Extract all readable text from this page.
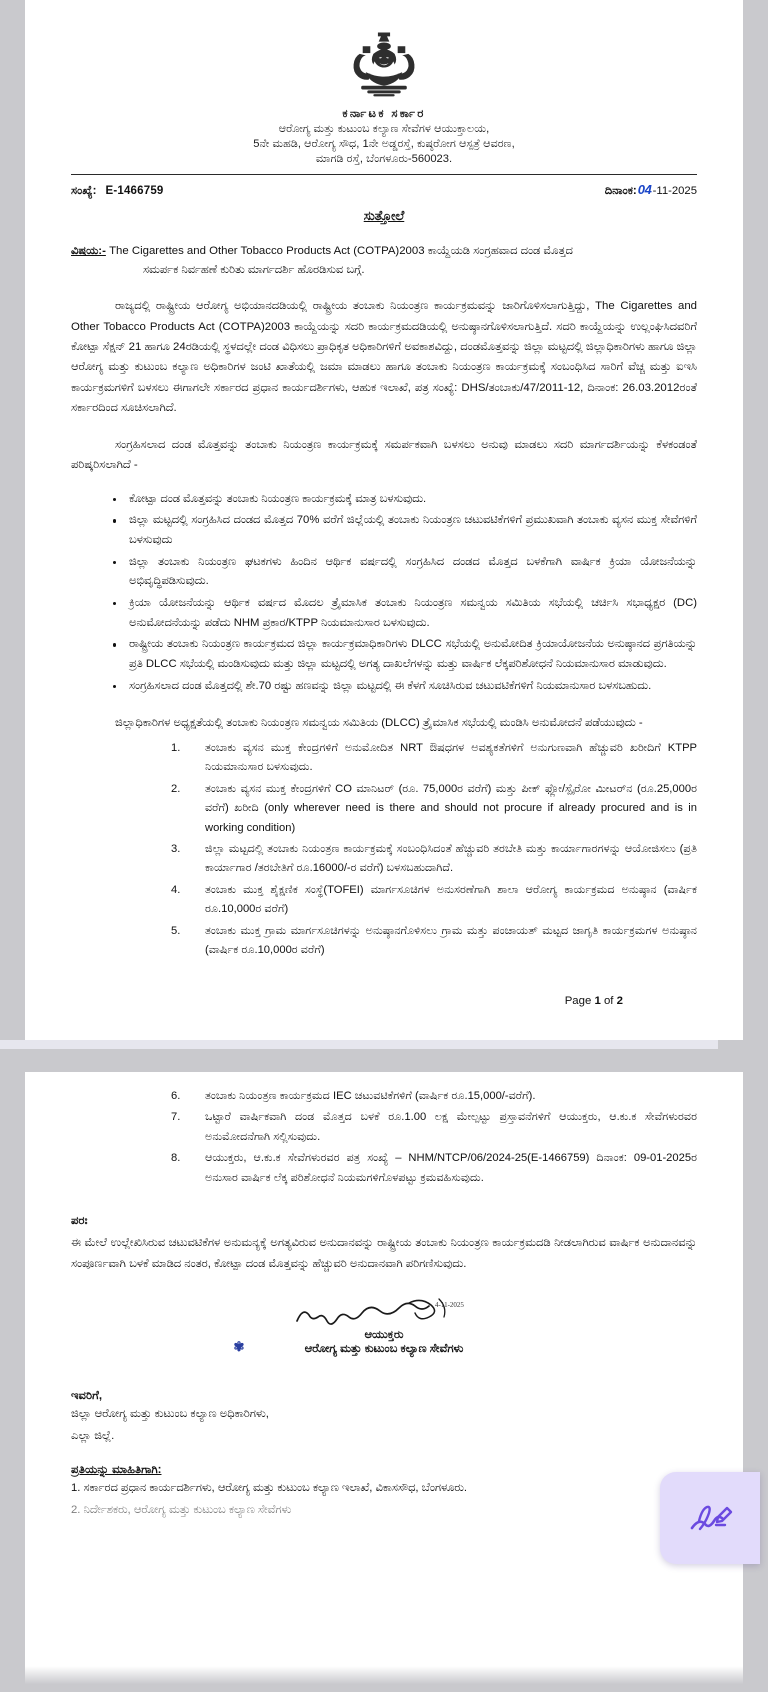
ಕರ್ನಾಟಕ ಸರ್ಕಾರ
ಆರೋಗ್ಯ ಮತ್ತು ಕುಟುಂಬ ಕಲ್ಯಾಣ ಸೇವೆಗಳ ಆಯುಕ್ತಾಲಯ,
5ನೇ ಮಹಡಿ, ಆರೋಗ್ಯ ಸೌಧ, 1ನೇ ಅಡ್ಡರಸ್ತೆ, ಕುಷ್ಠರೋಗ ಆಸ್ಪತ್ರೆ ಆವರಣ,
ಮಾಗಡಿ ರಸ್ತೆ, ಬೆಂಗಳೂರು-560023.
ಸಂಖ್ಯೆ: E-1466759	ದಿನಾಂಕ:04-11-2025
ಸುತ್ತೋಲೆ
ವಿಷಯ:- The Cigarettes and Other Tobacco Products Act (COTPA)2003 ಕಾಯ್ದೆಯಡಿ ಸಂಗ್ರಹವಾದ ದಂಡ ಮೊತ್ತದ
ಸಮರ್ಪಕ ನಿರ್ವಹಣೆ ಕುರಿತು ಮಾರ್ಗದರ್ಶಿ ಹೊರಡಿಸುವ ಬಗ್ಗೆ.

ರಾಜ್ಯದಲ್ಲಿ ರಾಷ್ಟ್ರೀಯ ಆರೋಗ್ಯ ಅಭಿಯಾನದಡಿಯಲ್ಲಿ ರಾಷ್ಟ್ರೀಯ ತಂಬಾಕು ನಿಯಂತ್ರಣ ಕಾರ್ಯಕ್ರಮವನ್ನು ಜಾರಿಗೊಳಿಸಲಾಗುತ್ತಿದ್ದು, The Cigarettes and Other Tobacco Products Act (COTPA)2003 ಕಾಯ್ದೆಯನ್ನು ಸದರಿ ಕಾರ್ಯಕ್ರಮದಡಿಯಲ್ಲಿ ಅನುಷ್ಠಾನಗೊಳಿಸಲಾಗುತ್ತಿದೆ. ಸದರಿ ಕಾಯ್ದೆಯನ್ನು ಉಲ್ಲಂಘಿಸಿದವರಿಗೆ ಕೋಟ್ಪಾ ಸೆಕ್ಷನ್ 21 ಹಾಗೂ 24ರಡಿಯಲ್ಲಿ ಸ್ಥಳದಲ್ಲೇ ದಂಡ ವಿಧಿಸಲು ಪ್ರಾಧಿಕೃತ ಅಧಿಕಾರಿಗಳಿಗೆ ಅವಕಾಶವಿದ್ದು, ದಂಡಮೊತ್ತವನ್ನು ಜಿಲ್ಲಾ ಮಟ್ಟದಲ್ಲಿ ಜಿಲ್ಲಾಧಿಕಾರಿಗಳು ಹಾಗೂ ಜಿಲ್ಲಾ ಆರೋಗ್ಯ ಮತ್ತು ಕುಟುಂಬ ಕಲ್ಯಾಣ ಅಧಿಕಾರಿಗಳ ಜಂಟಿ ಖಾತೆಯಲ್ಲಿ ಜಮಾ ಮಾಡಲು ಹಾಗೂ ತಂಬಾಕು ನಿಯಂತ್ರಣ ಕಾರ್ಯಕ್ರಮಕ್ಕೆ ಸಂಬಂಧಿಸಿದ ಸಾರಿಗೆ ವೆಚ್ಚ ಮತ್ತು ಐಇಸಿ ಕಾರ್ಯಕ್ರಮಗಳಿಗೆ ಬಳಸಲು ಈಗಾಗಲೇ ಸರ್ಕಾರದ ಪ್ರಧಾನ ಕಾರ್ಯದರ್ಶಿಗಳು, ಆಹುಕ ಇಲಾಖೆ, ಪತ್ರ ಸಂಖ್ಯೆ: DHS/ತಂಬಾಕು/47/2011-12, ದಿನಾಂಕ: 26.03.2012ರಂತೆ ಸರ್ಕಾರದಿಂದ ಸೂಚಿಸಲಾಗಿದೆ.

ಸಂಗ್ರಹಿಸಲಾದ ದಂಡ ಮೊತ್ತವನ್ನು ತಂಬಾಕು ನಿಯಂತ್ರಣ ಕಾರ್ಯಕ್ರಮಕ್ಕೆ ಸಮರ್ಪಕವಾಗಿ ಬಳಸಲು ಅನುವು ಮಾಡಲು ಸದರಿ ಮಾರ್ಗದರ್ಶಿಯನ್ನು ಕೆಳಕಂಡಂತೆ ಪರಿಷ್ಕರಿಸಲಾಗಿದೆ -

ಕೋಟ್ಪಾ ದಂಡ ಮೊತ್ತವನ್ನು ತಂಬಾಕು ನಿಯಂತ್ರಣ ಕಾರ್ಯಕ್ರಮಕ್ಕೆ ಮಾತ್ರ ಬಳಸುವುದು.
ಜಿಲ್ಲಾ ಮಟ್ಟದಲ್ಲಿ ಸಂಗ್ರಹಿಸಿದ ದಂಡದ ಮೊತ್ತದ 70% ವರೆಗೆ ಜಿಲ್ಲೆಯಲ್ಲಿ ತಂಬಾಕು ನಿಯಂತ್ರಣ ಚಟುವಟಿಕೆಗಳಿಗೆ ಪ್ರಮುಖವಾಗಿ ತಂಬಾಕು ವ್ಯಸನ ಮುಕ್ತ ಸೇವೆಗಳಿಗೆ ಬಳಸುವುದು
ಜಿಲ್ಲಾ ತಂಬಾಕು ನಿಯಂತ್ರಣ ಘಟಕಗಳು ಹಿಂದಿನ ಆರ್ಥಿಕ ವರ್ಷದಲ್ಲಿ ಸಂಗ್ರಹಿಸಿದ ದಂಡದ ಮೊತ್ತದ ಬಳಕೆಗಾಗಿ ವಾರ್ಷಿಕ ಕ್ರಿಯಾ ಯೋಜನೆಯನ್ನು ಅಭಿವೃದ್ಧಿಪಡಿಸುವುದು.
ಕ್ರಿಯಾ ಯೋಜನೆಯನ್ನು ಆರ್ಥಿಕ ವರ್ಷದ ಮೊದಲ ತ್ರೈಮಾಸಿಕ ತಂಬಾಕು ನಿಯಂತ್ರಣ ಸಮನ್ವಯ ಸಮಿತಿಯ ಸಭೆಯಲ್ಲಿ ಚರ್ಚಿಸಿ ಸಭಾಧ್ಯಕ್ಷರ (DC) ಅನುಮೋದನೆಯನ್ನು ಪಡೆದು NHM ಪ್ರಕಾರ/KTPP ನಿಯಮಾನುಸಾರ ಬಳಸುವುದು.
ರಾಷ್ಟ್ರೀಯ ತಂಬಾಕು ನಿಯಂತ್ರಣ ಕಾರ್ಯಕ್ರಮದ ಜಿಲ್ಲಾ ಕಾರ್ಯಕ್ರಮಾಧಿಕಾರಿಗಳು DLCC ಸಭೆಯಲ್ಲಿ ಅನುಮೋದಿತ ಕ್ರಿಯಾಯೋಜನೆಯ ಅನುಷ್ಠಾನದ ಪ್ರಗತಿಯನ್ನು ಪ್ರತಿ DLCC ಸಭೆಯಲ್ಲಿ ಮಂಡಿಸುವುದು ಮತ್ತು ಜಿಲ್ಲಾ ಮಟ್ಟದಲ್ಲಿ ಅಗತ್ಯ ದಾಖಲೆಗಳನ್ನು ಮತ್ತು ವಾರ್ಷಿಕ ಲೆಕ್ಕಪರಿಶೋಧನೆ ನಿಯಮಾನುಸಾರ ಮಾಡುವುದು.
ಸಂಗ್ರಹಿಸಲಾದ ದಂಡ ಮೊತ್ತದಲ್ಲಿ ಶೇ.70 ರಷ್ಟು ಹಣವನ್ನು ಜಿಲ್ಲಾ ಮಟ್ಟದಲ್ಲಿ ಈ ಕೆಳಗೆ ಸೂಚಿಸಿರುವ ಚಟುವಟಿಕೆಗಳಿಗೆ ನಿಯಮಾನುಸಾರ ಬಳಸಬಹುದು.

ಜಿಲ್ಲಾಧಿಕಾರಿಗಳ ಅಧ್ಯಕ್ಷತೆಯಲ್ಲಿ ತಂಬಾಕು ನಿಯಂತ್ರಣ ಸಮನ್ವಯ ಸಮಿತಿಯ (DLCC) ತ್ರೈಮಾಸಿಕ ಸಭೆಯಲ್ಲಿ ಮಂಡಿಸಿ ಅನುಮೋದನೆ ಪಡೆಯುವುದು -

ತಂಬಾಕು ವ್ಯಸನ ಮುಕ್ತ ಕೇಂದ್ರಗಳಿಗೆ ಅನುಮೋದಿತ NRT ಔಷಧಗಳ ಅವಶ್ಯಕತೆಗಳಿಗೆ ಅನುಗುಣವಾಗಿ ಹೆಚ್ಚುವರಿ ಖರೀದಿಗೆ KTPP ನಿಯಮಾನುಸಾರ ಬಳಸುವುದು.
ತಂಬಾಕು ವ್ಯಸನ ಮುಕ್ತ ಕೇಂದ್ರಗಳಿಗೆ CO ಮಾನಿಟರ್ (ರೂ. 75,000ರ ವರೆಗೆ) ಮತ್ತು ಪೀಕ್ ಫ್ಲೋ/ಸ್ಪೈರೋ ಮೀಟರ್‌ನ (ರೂ.25,000ರ ವರೆಗೆ) ಖರೀದಿ (only wherever need is there and should not procure if already procured and is in working condition)
ಜಿಲ್ಲಾ ಮಟ್ಟದಲ್ಲಿ ತಂಬಾಕು ನಿಯಂತ್ರಣ ಕಾರ್ಯಕ್ರಮಕ್ಕೆ ಸಂಬಂಧಿಸಿದಂತೆ ಹೆಚ್ಚುವರಿ ತರಬೇತಿ ಮತ್ತು ಕಾರ್ಯಾಗಾರಗಳನ್ನು ಆಯೋಜಿಸಲು (ಪ್ರತಿ ಕಾರ್ಯಾಗಾರ /ತರಬೇತಿಗೆ ರೂ.16000/-ರ ವರೆಗೆ) ಬಳಸಬಹುದಾಗಿದೆ.
ತಂಬಾಕು ಮುಕ್ತ ಶೈಕ್ಷಣಿಕ ಸಂಸ್ಥೆ(TOFEI) ಮಾರ್ಗಸೂಚಿಗಳ ಅನುಸರಣೆಗಾಗಿ ಶಾಲಾ ಆರೋಗ್ಯ ಕಾರ್ಯಕ್ರಮದ ಅನುಷ್ಠಾನ (ವಾರ್ಷಿಕ ರೂ.10,000ರ ವರೆಗೆ)
ತಂಬಾಕು ಮುಕ್ತ ಗ್ರಾಮ ಮಾರ್ಗಸೂಚಿಗಳನ್ನು ಅನುಷ್ಠಾನಗೊಳಿಸಲು ಗ್ರಾಮ ಮತ್ತು ಪಂಚಾಯತ್ ಮಟ್ಟದ ಜಾಗೃತಿ ಕಾರ್ಯಕ್ರಮಗಳ ಅನುಷ್ಠಾನ (ವಾರ್ಷಿಕ ರೂ.10,000ರ ವರೆಗೆ)
Page 1 of 2
ತಂಬಾಕು ನಿಯಂತ್ರಣ ಕಾರ್ಯಕ್ರಮದ IEC ಚಟುವಟಿಕೆಗಳಿಗೆ (ವಾರ್ಷಿಕ ರೂ.15,000/-ವರೆಗೆ).
ಒಟ್ಟಾರೆ ವಾರ್ಷಿಕವಾಗಿ ದಂಡ ಮೊತ್ತದ ಬಳಕೆ ರೂ.1.00 ಲಕ್ಷ ಮೇಲ್ಪಟ್ಟು ಪ್ರಸ್ತಾವನೆಗಳಿಗೆ ಆಯುಕ್ತರು, ಆ.ಕು.ಕ ಸೇವೆಗಳುರವರ ಅನುಮೋದನೆಗಾಗಿ ಸಲ್ಲಿಸುವುದು.
ಆಯುಕ್ತರು, ಆ.ಕು.ಕ ಸೇವೆಗಳುರವರ ಪತ್ರ ಸಂಖ್ಯೆ – NHM/NTCP/06/2024-25(E-1466759) ದಿನಾಂಕ: 09-01-2025ರ ಅನುಸಾರ ವಾರ್ಷಿಕ ಲೆಕ್ಕ ಪರಿಶೋಧನೆ ನಿಯಮಗಳಿಗೊಳಪಟ್ಟು ಕ್ರಮವಹಿಸುವುದು.
ಪರಃ

ಈ ಮೇಲೆ ಉಲ್ಲೇಖಿಸಿರುವ ಚಟುವಟಿಕೆಗಳ ಅನುಮನ್ಯಕ್ಕೆ ಅಗತ್ಯವಿರುವ ಅನುದಾನವನ್ನು ರಾಷ್ಟ್ರೀಯ ತಂಬಾಕು ನಿಯಂತ್ರಣ ಕಾರ್ಯಕ್ರಮದಡಿ ನೀಡಲಾಗಿರುವ ವಾರ್ಷಿಕ ಅನುದಾನವನ್ನು ಸಂಪೂರ್ಣವಾಗಿ ಬಳಕೆ ಮಾಡಿದ ನಂತರ, ಕೋಟ್ಪಾ ದಂಡ ಮೊತ್ತವನ್ನು ಹೆಚ್ಚುವರಿ ಅನುದಾನವಾಗಿ ಪರಿಗಣಿಸುವುದು.

4-11-2025
ಆಯುಕ್ತರು
✾	ಆರೋಗ್ಯ ಮತ್ತು ಕುಟುಂಬ ಕಲ್ಯಾಣ ಸೇವೆಗಳು
ಇವರಿಗೆ,
ಜಿಲ್ಲಾ ಆರೋಗ್ಯ ಮತ್ತು ಕುಟುಂಬ ಕಲ್ಯಾಣ ಅಧಿಕಾರಿಗಳು,
ಎಲ್ಲಾ ಜಿಲ್ಲೆ.
ಪ್ರತಿಯನ್ನು ಮಾಹಿತಿಗಾಗಿ:
1. ಸರ್ಕಾರದ ಪ್ರಧಾನ ಕಾರ್ಯದರ್ಶಿಗಳು, ಆರೋಗ್ಯ ಮತ್ತು ಕುಟುಂಬ ಕಲ್ಯಾಣ ಇಲಾಖೆ, ವಿಕಾಸಸೌಧ, ಬೆಂಗಳೂರು.
2. ನಿರ್ದೇಶಕರು, ಆರೋಗ್ಯ ಮತ್ತು ಕುಟುಂಬ ಕಲ್ಯಾಣ ಸೇವೆಗಳು
